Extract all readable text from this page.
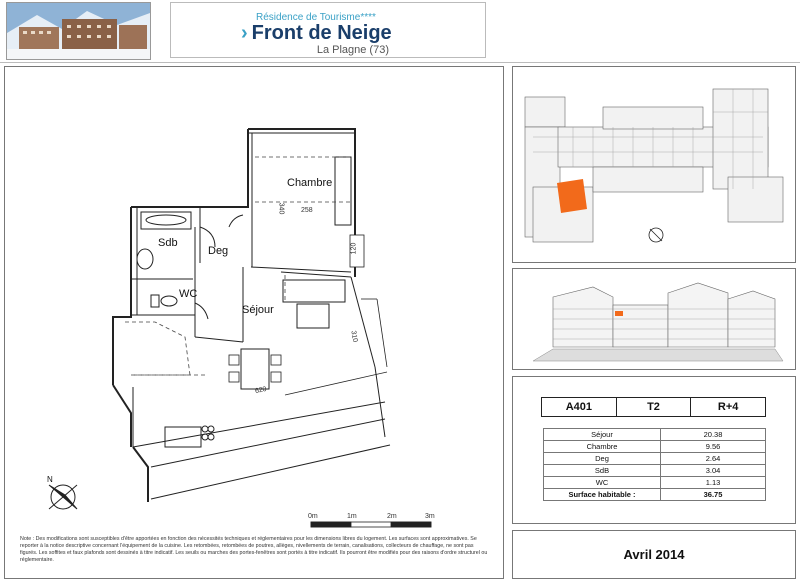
Résidence de Tourisme****
› Front de Neige
La Plagne (73)
Chambre
Sdb
Deg
WC
Séjour
258
340
120
310
620
0m	1m	2m	3m
N
Note : Des modifications sont susceptibles d'être apportées en fonction des nécessités techniques et réglementaires pour les dimensions libres du logement. Les surfaces sont approximatives. Se reporter à la notice descriptive concernant l'équipement de la cuisine. Les retombées, retombées de poutres, allèges, nivellements de terrain, canalisations, collecteurs de chauffage, ne sont pas figurés. Les soffites et faux plafonds sont dessinés à titre indicatif. Les seuils ou marches des portes-fenêtres sont portés à titre indicatif. Ils pourront être modifiés pour des raisons d'ordre structurel ou réglementaire.
A401	T2	R+4
Séjour	20.38
Chambre	9.56
Deg	2.64
SdB	3.04
WC	1.13
Surface habitable :	36.75
Avril 2014
